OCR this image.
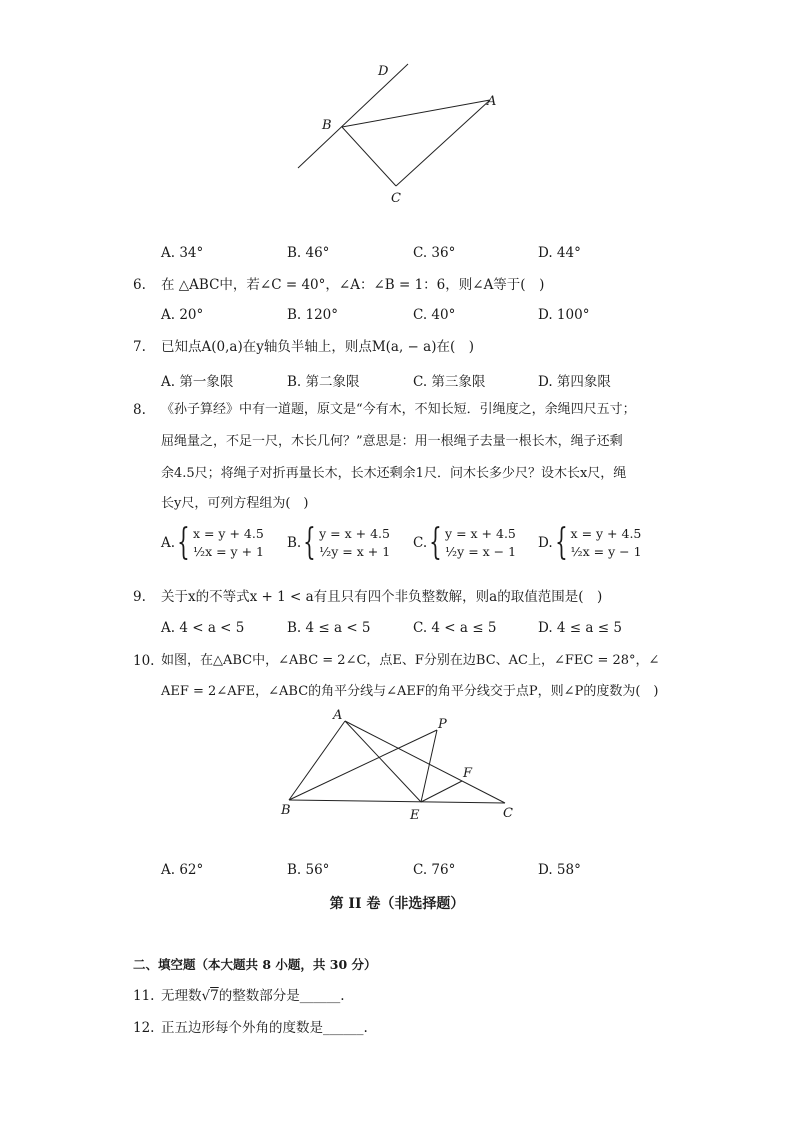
D
A
B
C
A. 34°	B. 46°	C. 36°	D. 44°
6. 在 △ABC中，若∠C = 40°，∠A：∠B = 1：6，则∠A等于(　)
A. 20°	B. 120°	C. 40°	D. 100°
7. 已知点A(0,a)在y轴负半轴上，则点M(a, − a)在(　)
A. 第一象限	B. 第二象限	C. 第三象限	D. 第四象限
8. 《孙子算经》中有一道题，原文是“今有木，不知长短．引绳度之，余绳四尺五寸；
屈绳量之，不足一尺，木长几何？”意思是：用一根绳子去量一根长木，绳子还剩
余4.5尺；将绳子对折再量长木，长木还剩余1尺．问木长多少尺？设木长x尺，绳
长y尺，可列方程组为(　)
A. { x = y + 4.5
½x = y + 1
B. { y = x + 4.5
½y = x + 1
C. { y = x + 4.5
½y = x − 1
D. { x = y + 4.5
½x = y − 1
9. 关于x的不等式x + 1 < a有且只有四个非负整数解，则a的取值范围是(　)
A. 4 < a < 5	B. 4 ≤ a < 5	C. 4 < a ≤ 5	D. 4 ≤ a ≤ 5
10. 如图，在△ABC中，∠ABC = 2∠C，点E、F分别在边BC、AC上，∠FEC = 28°，∠
AEF = 2∠AFE，∠ABC的角平分线与∠AEF的角平分线交于点P，则∠P的度数为(　)
A
P
F
B	E	C
A. 62°	B. 56°	C. 76°	D. 58°
第 II 卷（非选择题）
二、填空题（本大题共 8 小题，共 30 分）
11. 无理数√7的整数部分是______.
12. 正五边形每个外角的度数是______.
